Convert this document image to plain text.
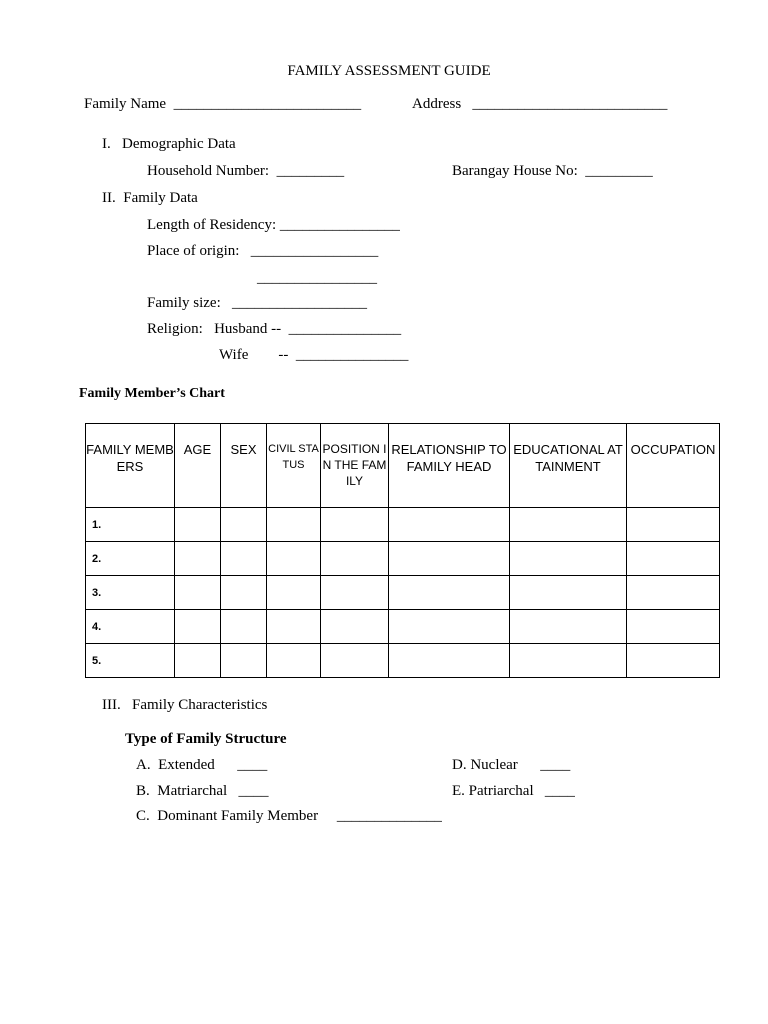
FAMILY ASSESSMENT GUIDE
Family Name  _________________________	Address   __________________________
I.   Demographic Data
Household Number:  _________	Barangay House No:  _________
II.  Family Data
Length of Residency: ________________
Place of origin:   _________________
________________
Family size:   __________________
Religion:   Husband --  _______________
Wife        --  _______________
Family Member’s Chart
FAMILY MEMBERS	AGE	SEX	CIVIL STATUS	POSITION IN THE FAMILY	RELATIONSHIP TO FAMILY HEAD	EDUCATIONAL ATTAINMENT	OCCUPATION
1.							
2.							
3.							
4.							
5.							
III.   Family Characteristics
Type of Family Structure
A.  Extended      ____
B.  Matriarchal   ____
C.  Dominant Family Member     ______________
D. Nuclear      ____
E. Patriarchal   ____
